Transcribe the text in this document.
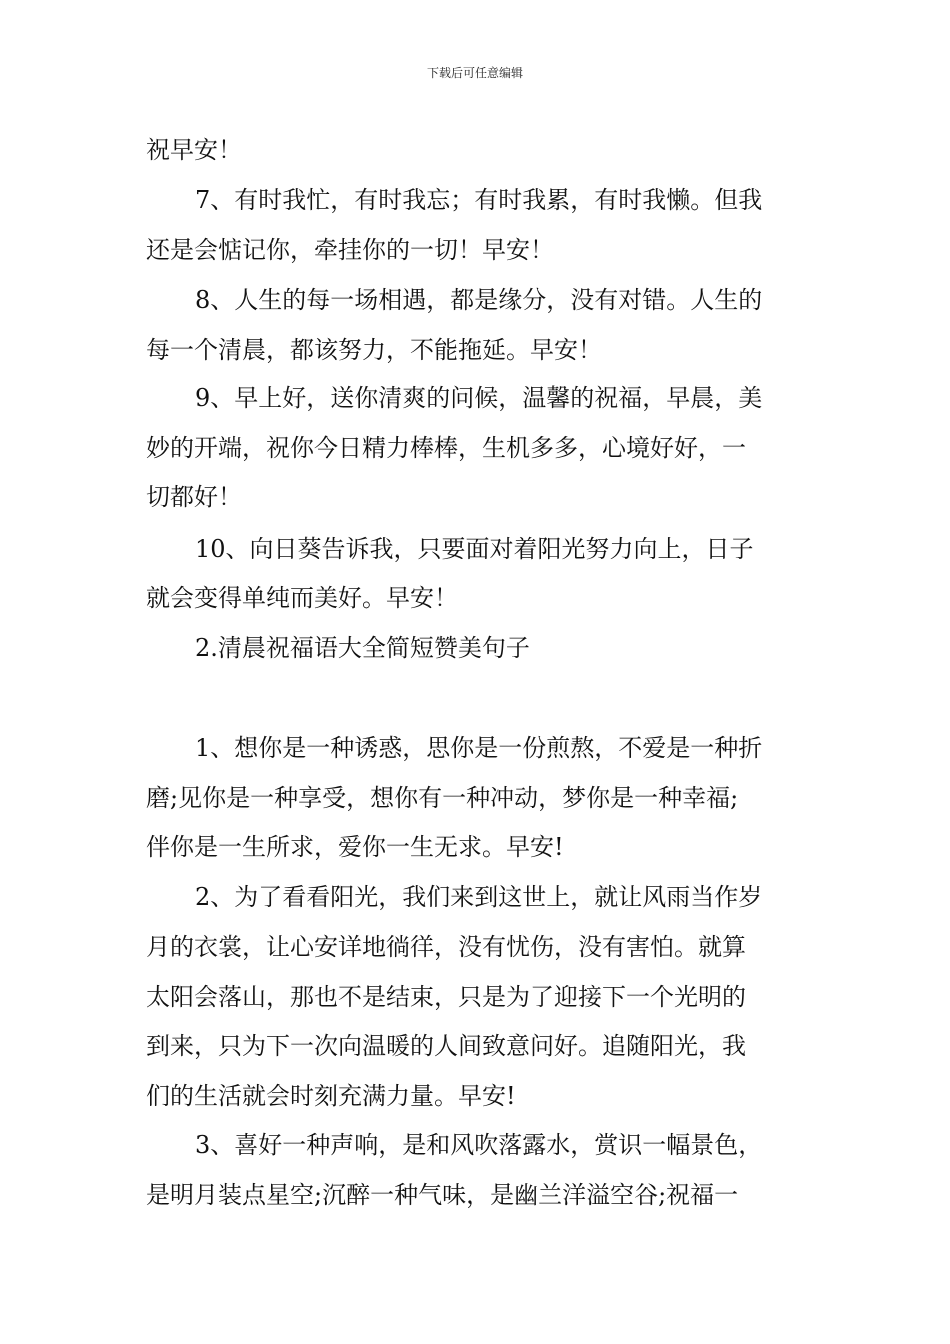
下载后可任意编辑
祝早安！
7、有时我忙，有时我忘；有时我累，有时我懒。但我
还是会惦记你，牵挂你的一切！早安！
8、人生的每一场相遇，都是缘分，没有对错。人生的
每一个清晨，都该努力，不能拖延。早安！
9、早上好，送你清爽的问候，温馨的祝福，早晨，美
妙的开端，祝你今日精力棒棒，生机多多，心境好好，一
切都好！
10、向日葵告诉我，只要面对着阳光努力向上，日子
就会变得单纯而美好。早安！
2.清晨祝福语大全简短赞美句子
1、想你是一种诱惑，思你是一份煎熬，不爱是一种折
磨;见你是一种享受，想你有一种冲动，梦你是一种幸福;
伴你是一生所求，爱你一生无求。早安!
2、为了看看阳光，我们来到这世上，就让风雨当作岁
月的衣裳，让心安详地徜徉，没有忧伤，没有害怕。就算
太阳会落山，那也不是结束，只是为了迎接下一个光明的
到来，只为下一次向温暖的人间致意问好。追随阳光，我
们的生活就会时刻充满力量。早安!
3、喜好一种声响，是和风吹落露水，赏识一幅景色，
是明月装点星空;沉醉一种气味，是幽兰洋溢空谷;祝福一
